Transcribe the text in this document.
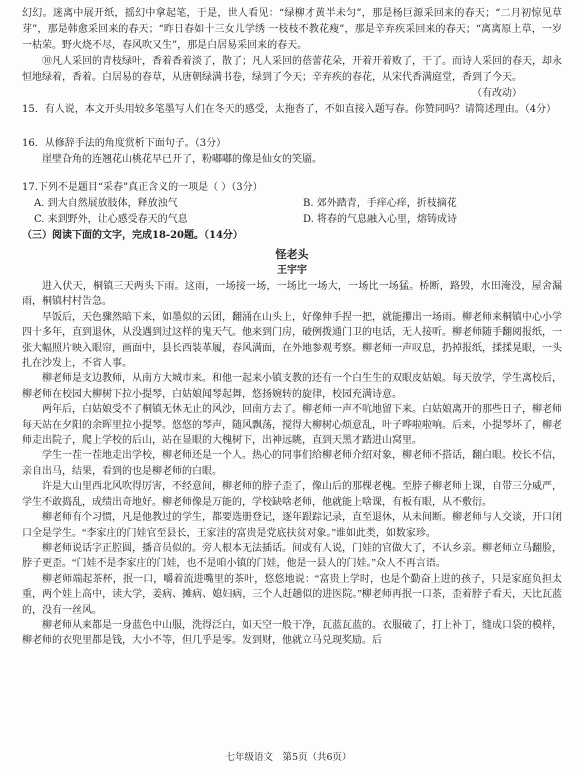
幻幻。迷离中展开纸，摇幻中拿起笔，于是，世人看见：“绿柳才黄半未匀”，那是杨巨源采回来的春天；“二月初惊见草芽”，那是韩愈采回来的春天；“昨日春如十三女儿学绣 一枝枝不教花瘦”，那是辛弃疾采回来的春天；“离离原上草，一岁一枯荣。野火烧不尽，春风吹又生”，那是白居易采回来的春天。

⑩凡人采回的青枝绿叶，香着香着淡了，散了；凡人采回的蓓蕾花朵，开着开着败了，干了。而诗人采回的春天，却永恒地绿着，香着。白居易的春草，从唐朝绿满书卷，绿到了今天；辛弃疾的春花，从宋代香满庭堂，香到了今天。

（有改动）

15．有人说，本文开头用较多笔墨写人们在冬天的感受，太拖沓了，不如直接入题写春。你赞同吗？请简述理由。（4分）

16．从修辞手法的角度赏析下面句子。（3分）

崖壁旮角的连翘花山桃花早已开了，粉嘟嘟的像是仙女的笑靥。

17.下列不是题目“采春”真正含义的一项是（ ）（3分）

A. 到大自然展放肢体，释放浊气	B. 郊外踏青，手痒心痒，折枝摘花
C. 来到野外，让心感受春天的气息	D. 将春的气息融入心里，熔铸成诗

（三）阅读下面的文字，完成18-20题。（14分）

怪老头
王宇宇

进入伏天，桐镇三天两头下雨。这雨，一场接一场，一场比一场大，一场比一场猛。桥断，路毁，水田淹没，屋舍漏雨，桐镇村村告急。

早饭后，天色骤然暗下来，如墨似的云团，翻涌在山头上，好像伸手捏一把，就能攥出一场雨。柳老师来桐镇中心小学四十多年，直到退休，从没遇到过这样的鬼天气。他来到门房，破例拨通门卫的电话，无人接听。柳老师随手翻阅报纸，一张大幅照片映入眼帘，画面中，县长西装革履，春风满面，在外地参观考察。柳老师一声叹息，扔掉报纸，揉揉晃眼，一头扎在沙发上，不省人事。

柳老师是支边教师，从南方大城市来。和他一起来小镇支教的还有一个白生生的双眼皮姑娘。每天放学，学生离校后，柳老师在校园大柳树下拉小提琴，白姑娘闻琴起舞，悠扬婉转的旋律，校园充满诗意。

两年后，白姑娘受不了桐镇无休无止的风沙，回南方去了。柳老师一声不吭地留下来。白姑娘离开的那些日子，柳老师每天站在夕阳的余晖里拉小提琴。悠悠的琴声，随风飘荡，搅得大柳树心烦意乱，叶子哗啦啦响。后来，小提琴坏了，柳老师走出院子，爬上学校的后山，站在显眼的大槐树下，出神远眺，直到天黑才踏进山窝里。

学生一茬一茬地走出学校，柳老师还是一个人。热心的同事们给柳老师介绍对象，柳老师不搭话，翻白眼。校长不信，亲自出马，结果，看到的也是柳老师的白眼。

许是大山里西北风吹得厉害，不经意间，柳老师的脖子歪了，像山后的那棵老槐。至脖子柳老师上课，自带三分威严，学生不敢捣乱，成绩出奇地好。柳老师像是万能的，学校缺啥老师，他就能上啥课，有板有眼，从不敷衍。

柳老师有个习惯，凡是他教过的学生，都要选册登记，逐年跟踪记录，直至退休，从未间断。柳老师与人交谈，开口闭口全是学生。“李家庄的门娃官至县长，王家洼的富贵是党底扶贫对象。”谁如此类，如数家珍。

柳老师说话字正腔圆，播音员似的。旁人根本无法插话。间或有人说，门娃的官做大了，不认乡亲。柳老师立马翻脸，脖子更歪。“门娃不是李家庄的门娃，也不是咱小镇的门娃，他是一县人的门娃。”众人不再言语。

柳老师端起茶杯，抿一口，嚼着流进嘴里的茶叶，悠悠地说：“富贵上学时，也是个勤奋上进的孩子，只是家庭负担太重，两个娃上高中，读大学，姜病、摊病、媳妇病，三个人赶趟似的进医院。”柳老师再抿一口茶，歪着脖子看天，天比瓦蓝的，没有一丝风。

柳老师从来都是一身蓝色中山服，洗得泛白，如天空一般干净，瓦蓝瓦蓝的。衣服破了，打上补丁，缝成口袋的模样，柳老师的衣兜里都是钱，大小不等，但几乎是零。发到财，他就立马兑现奖励。后

七年级语文　第5页（共6页）
